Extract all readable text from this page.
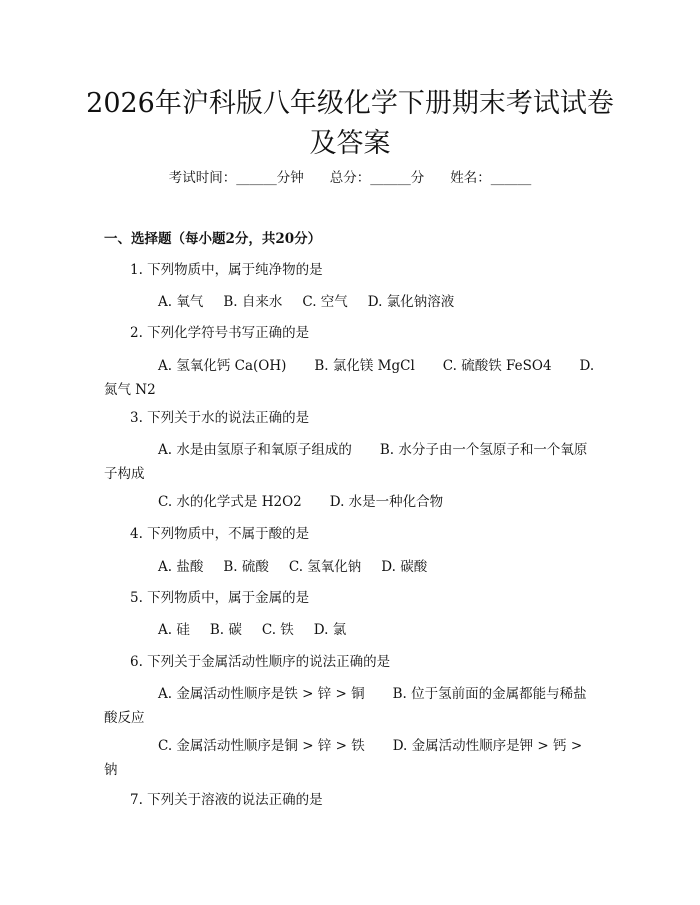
2026年沪科版八年级化学下册期末考试试卷
及答案
考试时间：______分钟 总分：______分 姓名：______
一、选择题（每小题2分，共20分）
1. 下列物质中，属于纯净物的是
A. 氧气 B. 自来水 C. 空气 D. 氯化钠溶液
2. 下列化学符号书写正确的是
A. 氢氧化钙 Ca(OH) B. 氯化镁 MgCl C. 硫酸铁 FeSO4 D. 氮气 N2
3. 下列关于水的说法正确的是
A. 水是由氢原子和氧原子组成的 B. 水分子由一个氢原子和一个氧原子构成
C. 水的化学式是 H2O2 D. 水是一种化合物
4. 下列物质中，不属于酸的是
A. 盐酸 B. 硫酸 C. 氢氧化钠 D. 碳酸
5. 下列物质中，属于金属的是
A. 硅 B. 碳 C. 铁 D. 氯
6. 下列关于金属活动性顺序的说法正确的是
A. 金属活动性顺序是铁 > 锌 > 铜 B. 位于氢前面的金属都能与稀盐酸反应
C. 金属活动性顺序是铜 > 锌 > 铁 D. 金属活动性顺序是钾 > 钙 > 钠
7. 下列关于溶液的说法正确的是
